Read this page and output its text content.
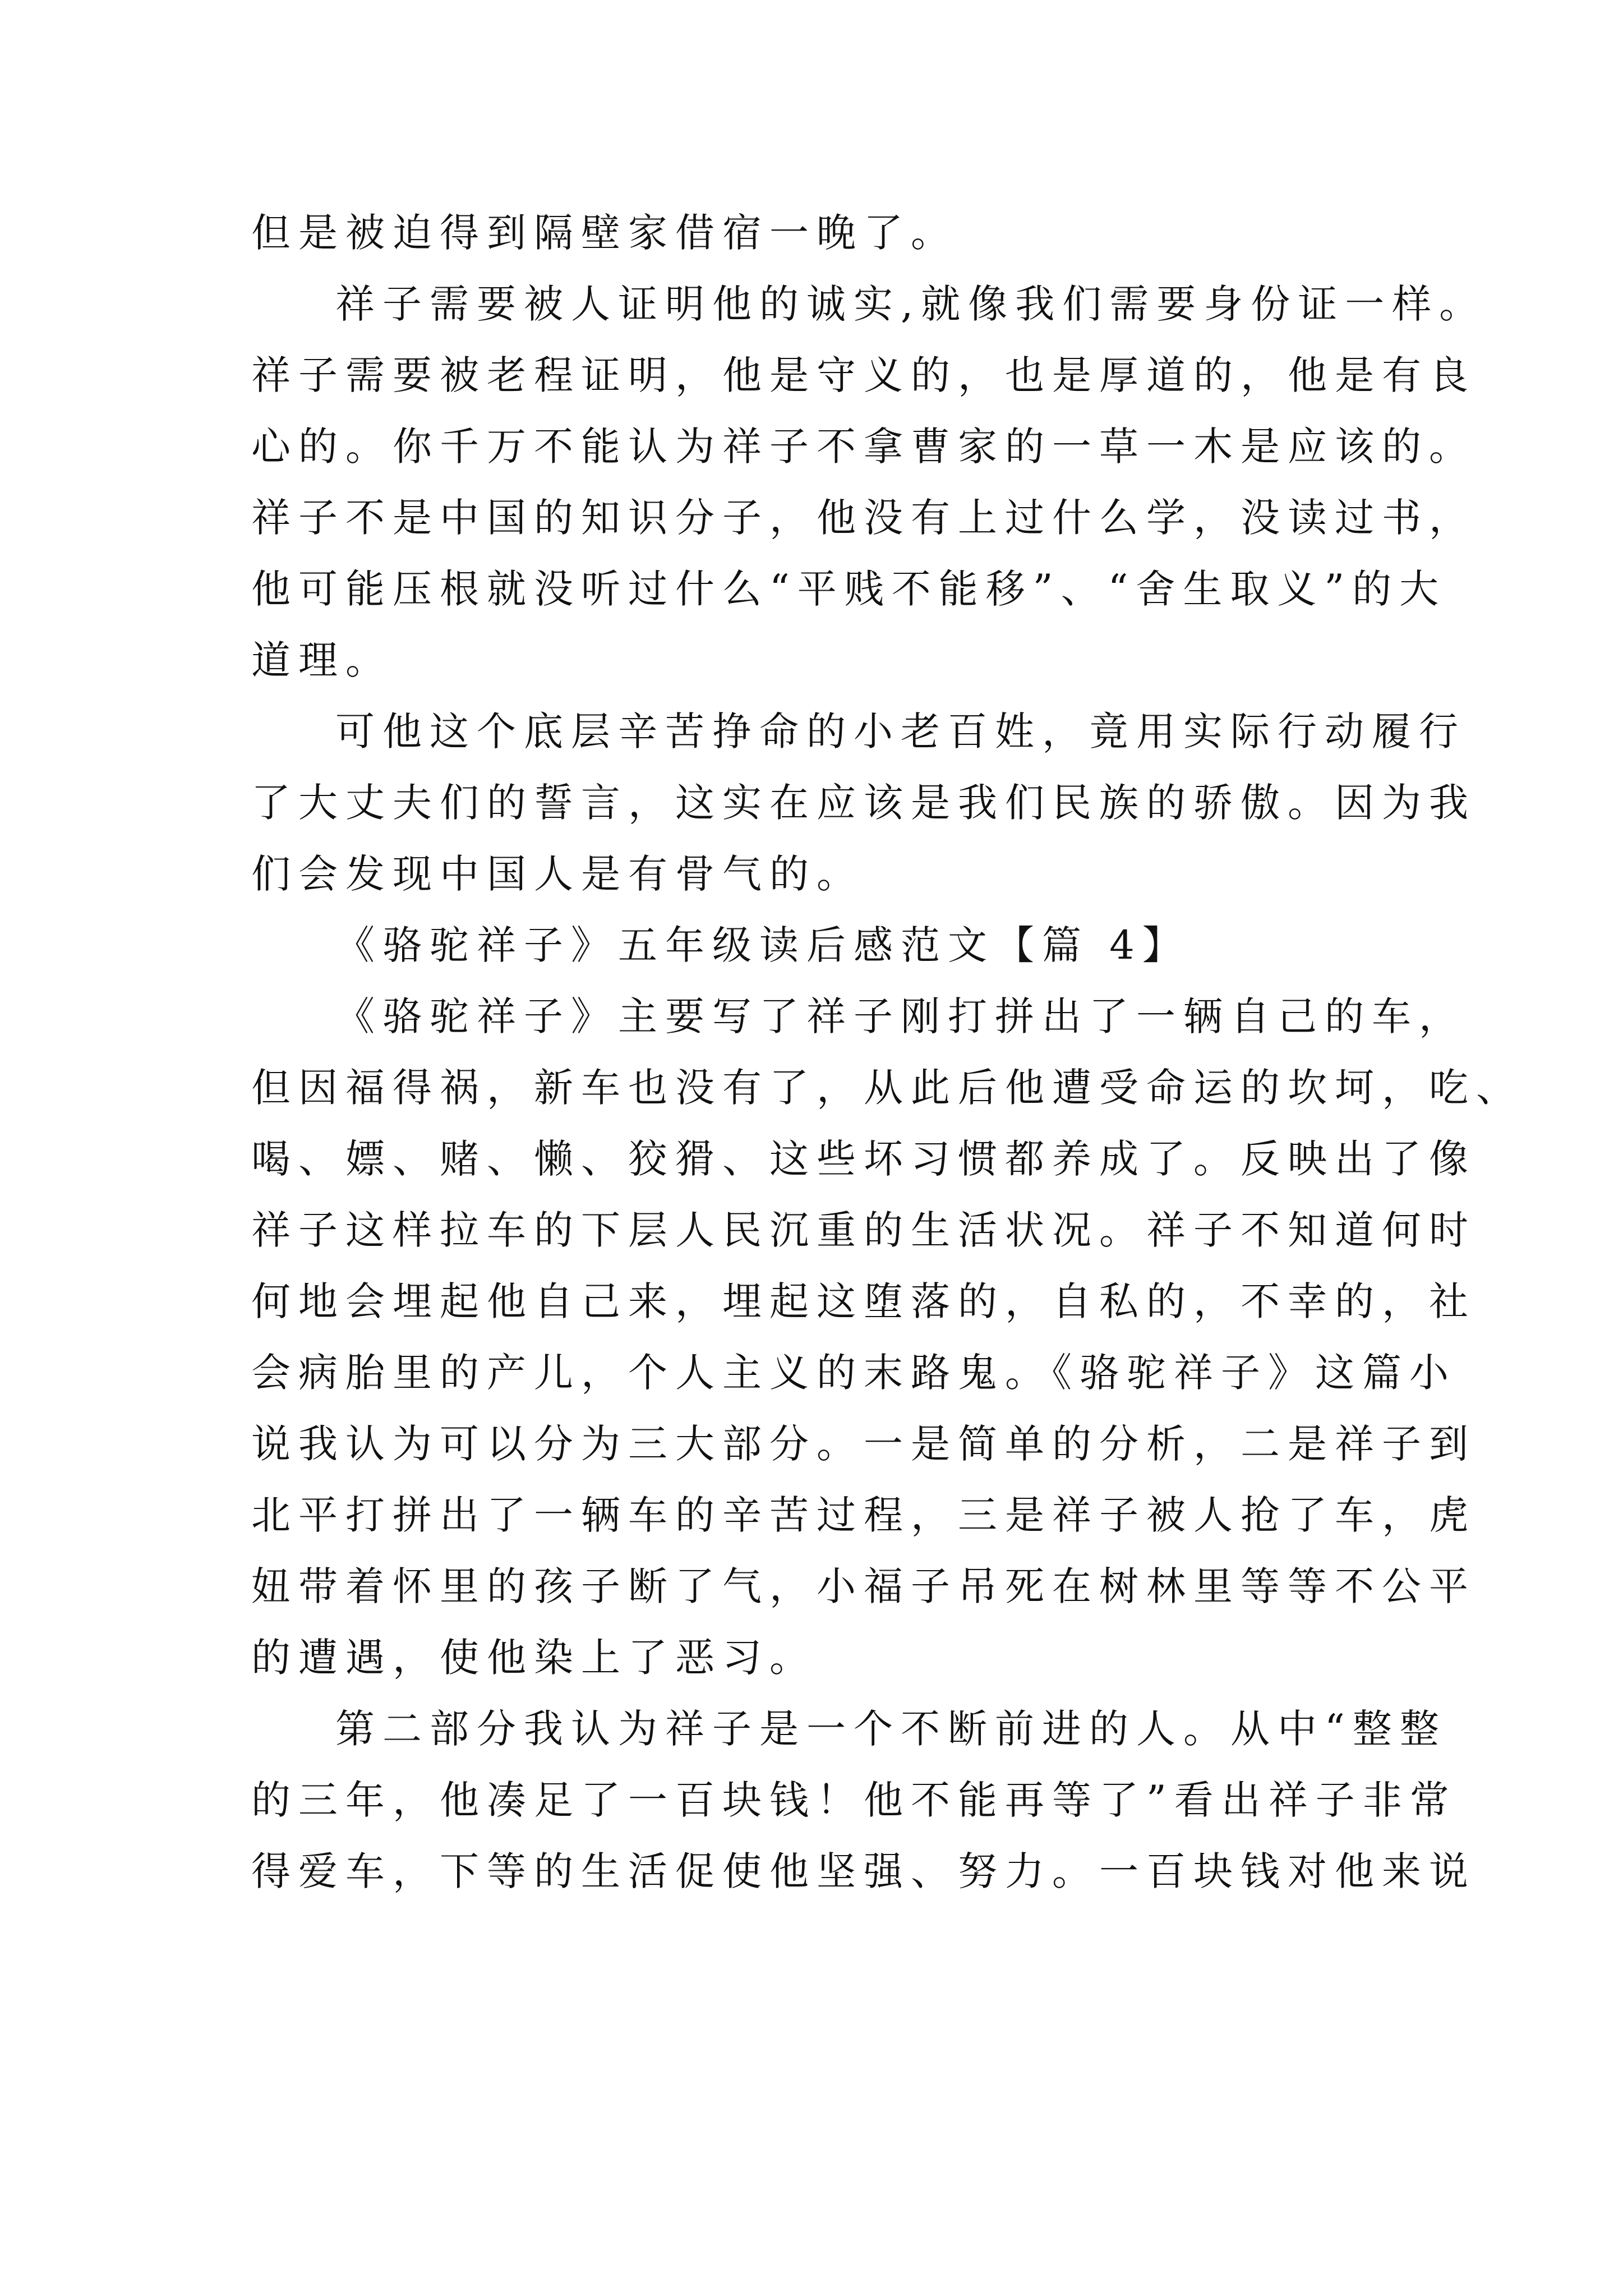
但是被迫得到隔壁家借宿一晚了。
祥子需要被人证明他的诚实,就像我们需要身份证一样。
祥子需要被老程证明，他是守义的，也是厚道的，他是有良
心的。你千万不能认为祥子不拿曹家的一草一木是应该的。
祥子不是中国的知识分子，他没有上过什么学，没读过书，
他可能压根就没听过什么“平贱不能移”、“舍生取义”的大
道理。
可他这个底层辛苦挣命的小老百姓，竟用实际行动履行
了大丈夫们的誓言，这实在应该是我们民族的骄傲。因为我
们会发现中国人是有骨气的。
《骆驼祥子》五年级读后感范文【篇 4】
《骆驼祥子》主要写了祥子刚打拼出了一辆自己的车，
但因福得祸，新车也没有了，从此后他遭受命运的坎坷，吃、
喝、嫖、赌、懒、狡猾、这些坏习惯都养成了。反映出了像
祥子这样拉车的下层人民沉重的生活状况。祥子不知道何时
何地会埋起他自己来，埋起这堕落的，自私的，不幸的，社
会病胎里的产儿，个人主义的末路鬼。《骆驼祥子》这篇小
说我认为可以分为三大部分。一是简单的分析，二是祥子到
北平打拼出了一辆车的辛苦过程，三是祥子被人抢了车，虎
妞带着怀里的孩子断了气，小福子吊死在树林里等等不公平
的遭遇，使他染上了恶习。
第二部分我认为祥子是一个不断前进的人。从中“整整
的三年，他凑足了一百块钱！他不能再等了”看出祥子非常
得爱车，下等的生活促使他坚强、努力。一百块钱对他来说
